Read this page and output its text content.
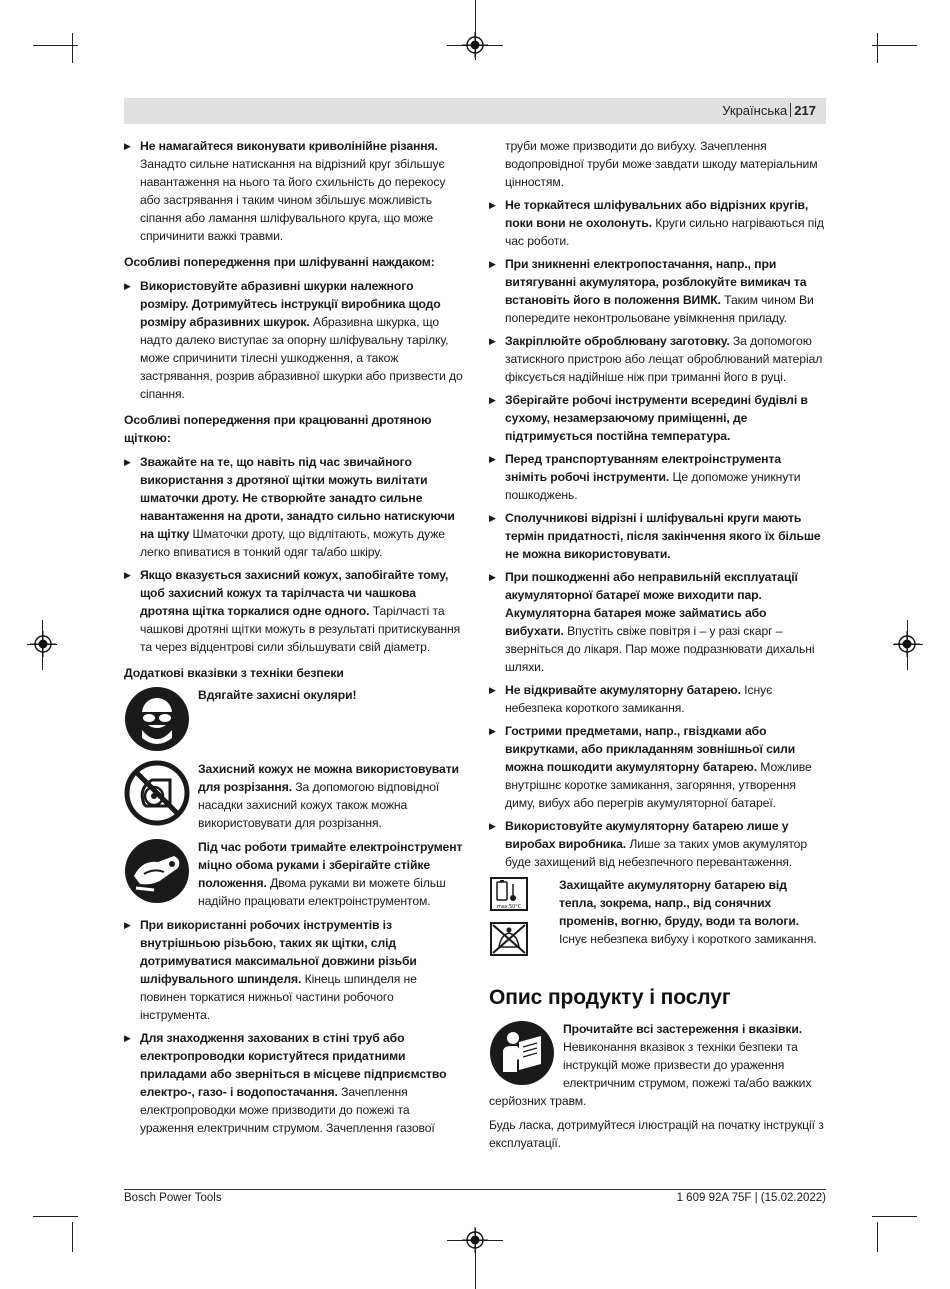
Українська 217
▶ Не намагайтеся виконувати криволінійне різання. Занадто сильне натискання на відрізний круг збільшує навантаження на нього та його схильність до перекосу або застрявання і таким чином збільшує можливість сіпання або ламання шліфувального круга, що може спричинити важкі травми.
Особливі попередження при шліфуванні наждаком:
▶ Використовуйте абразивні шкурки належного розміру. Дотримуйтесь інструкції виробника щодо розміру абразивних шкурок. Абразивна шкурка, що надто далеко виступає за опорну шліфувальну тарілку, може спричинити тілесні ушкодження, а також застрявання, розрив абразивної шкурки або призвести до сіпання.
Особливі попередження при крацюванні дротяною щіткою:
▶ Зважайте на те, що навіть під час звичайного використання з дротяної щітки можуть вилітати шматочки дроту. Не створюйте занадто сильне навантаження на дроти, занадто сильно натискуючи на щітку Шматочки дроту, що відлітають, можуть дуже легко впиватися в тонкий одяг та/або шкіру.
▶ Якщо вказується захисний кожух, запобігайте тому, щоб захисний кожух та тарілчаста чи чашкова дротяна щітка торкалися одне одного. Тарілчасті та чашкові дротяні щітки можуть в результаті притискування та через відцентрові сили збільшувати свій діаметр.
Додаткові вказівки з техніки безпеки
Вдягайте захисні окуляри!
Захисний кожух не можна використовувати для розрізання. За допомогою відповідної насадки захисний кожух також можна використовувати для розрізання.
Під час роботи тримайте електроінструмент міцно обома руками і зберігайте стійке положення. Двома руками ви можете більш надійно працювати електроінструментом.
▶ При використанні робочих інструментів із внутрішньою різьбою, таких як щітки, слід дотримуватися максимальної довжини різьби шліфувального шпинделя. Кінець шпинделя не повинен торкатися нижньої частини робочого інструмента.
▶ Для знаходження захованих в стіні труб або електропроводки користуйтеся придатними приладами або зверніться в місцеве підприємство електро-, газо- і водопостачання. Зачеплення електропроводки може призводити до пожежі та ураження електричним струмом. Зачеплення газової
труби може призводити до вибуху. Зачеплення водопровідної труби може завдати шкоду матеріальним цінностям.
▶ Не торкайтеся шліфувальних або відрізних кругів, поки вони не охолонуть. Круги сильно нагріваються під час роботи.
▶ При зникненні електропостачання, напр., при витягуванні акумулятора, розблокуйте вимикач та встановіть його в положення ВИМК. Таким чином Ви попередите неконтрольоване увімкнення приладу.
▶ Закріплюйте оброблювану заготовку. За допомогою затискного пристрою або лещат оброблюваний матеріал фіксується надійніше ніж при триманні його в руці.
▶ Зберігайте робочі інструменти всередині будівлі в сухому, незамерзаючому приміщенні, де підтримується постійна температура.
▶ Перед транспортуванням електроінструмента зніміть робочі інструменти. Це допоможе уникнути пошкоджень.
▶ Сполучникові відрізні і шліфувальні круги мають термін придатності, після закінчення якого їх більше не можна використовувати.
▶ При пошкодженні або неправильній експлуатації акумуляторної батареї може виходити пар. Акумуляторна батарея може займатись або вибухати. Впустіть свіже повітря і – у разі скарг – зверніться до лікаря. Пар може подразнювати дихальні шляхи.
▶ Не відкривайте акумуляторну батарею. Існує небезпека короткого замикання.
▶ Гострими предметами, напр., гвіздками або викрутками, або прикладанням зовнішньої сили можна пошкодити акумуляторну батарею. Можливе внутрішнє коротке замикання, загоряння, утворення диму, вибух або перегрів акумуляторної батареї.
▶ Використовуйте акумуляторну батарею лише у виробах виробника. Лише за таких умов акумулятор буде захищений від небезпечного перевантаження.
max.50°C

Захищайте акумуляторну батарею від тепла, зокрема, напр., від сонячних променів, вогню, бруду, води та вологи. Існує небезпека вибуху і короткого замикання.
Опис продукту і послуг
Прочитайте всі застереження і вказівки. Невиконання вказівок з техніки безпеки та інструкцій може призвести до ураження електричним струмом, пожежі та/або важких серйозних травм.
Будь ласка, дотримуйтеся ілюстрацій на початку інструкції з експлуатації.
Bosch Power Tools	1 609 92A 75F | (15.02.2022)
